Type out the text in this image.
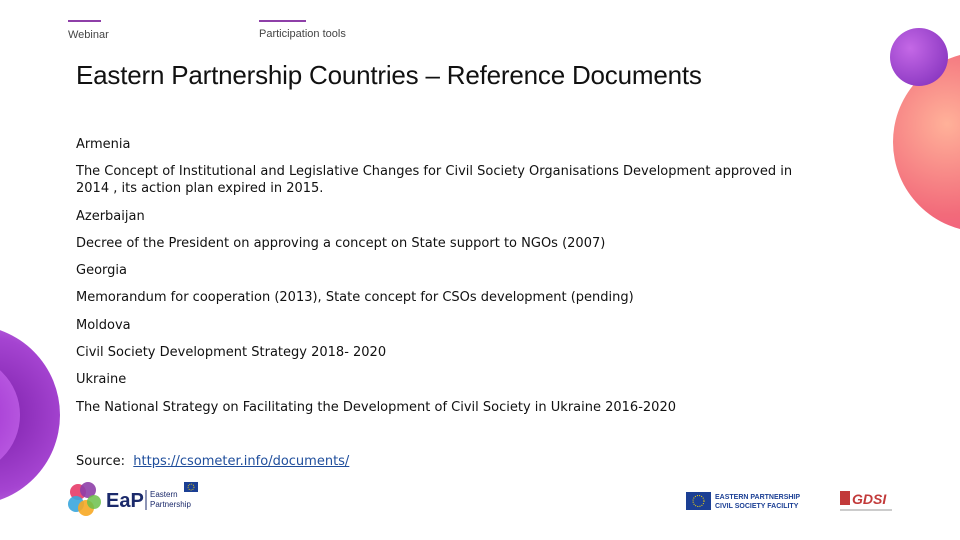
Webinar	Participation tools
Eastern Partnership Countries – Reference Documents
Armenia
The Concept of Institutional and Legislative Changes for Civil Society Organisations Development approved in
2014 , its action plan expired in 2015.
Azerbaijan
Decree of the President on approving a concept on State support to NGOs (2007)
Georgia
Memorandum for cooperation (2013), State concept for CSOs development (pending)
Moldova
Civil Society Development Strategy 2018- 2020
Ukraine
The National Strategy on Facilitating the Development of Civil Society in Ukraine 2016-2020
Source: https://csometer.info/documents/
EaP Eastern
Partnership
EASTERN PARTNERSHIP
CIVIL SOCIETY FACILITY	GDSI
